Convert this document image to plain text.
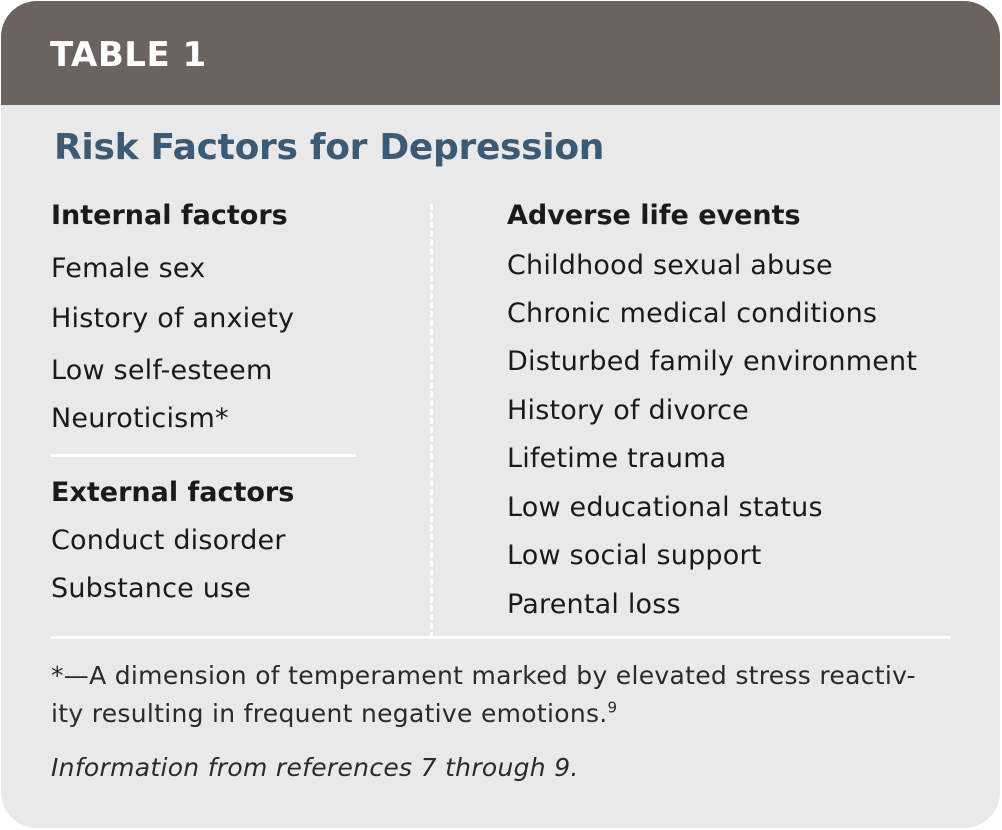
TABLE 1
Risk Factors for Depression
Internal factors
Female sex
History of anxiety
Low self-esteem
Neuroticism*
External factors
Conduct disorder
Substance use
Adverse life events
Childhood sexual abuse
Chronic medical conditions
Disturbed family environment
History of divorce
Lifetime trauma
Low educational status
Low social support
Parental loss
*—A dimension of temperament marked by elevated stress reactiv-
ity resulting in frequent negative emotions.$^9$
Information from references 7 through 9.
